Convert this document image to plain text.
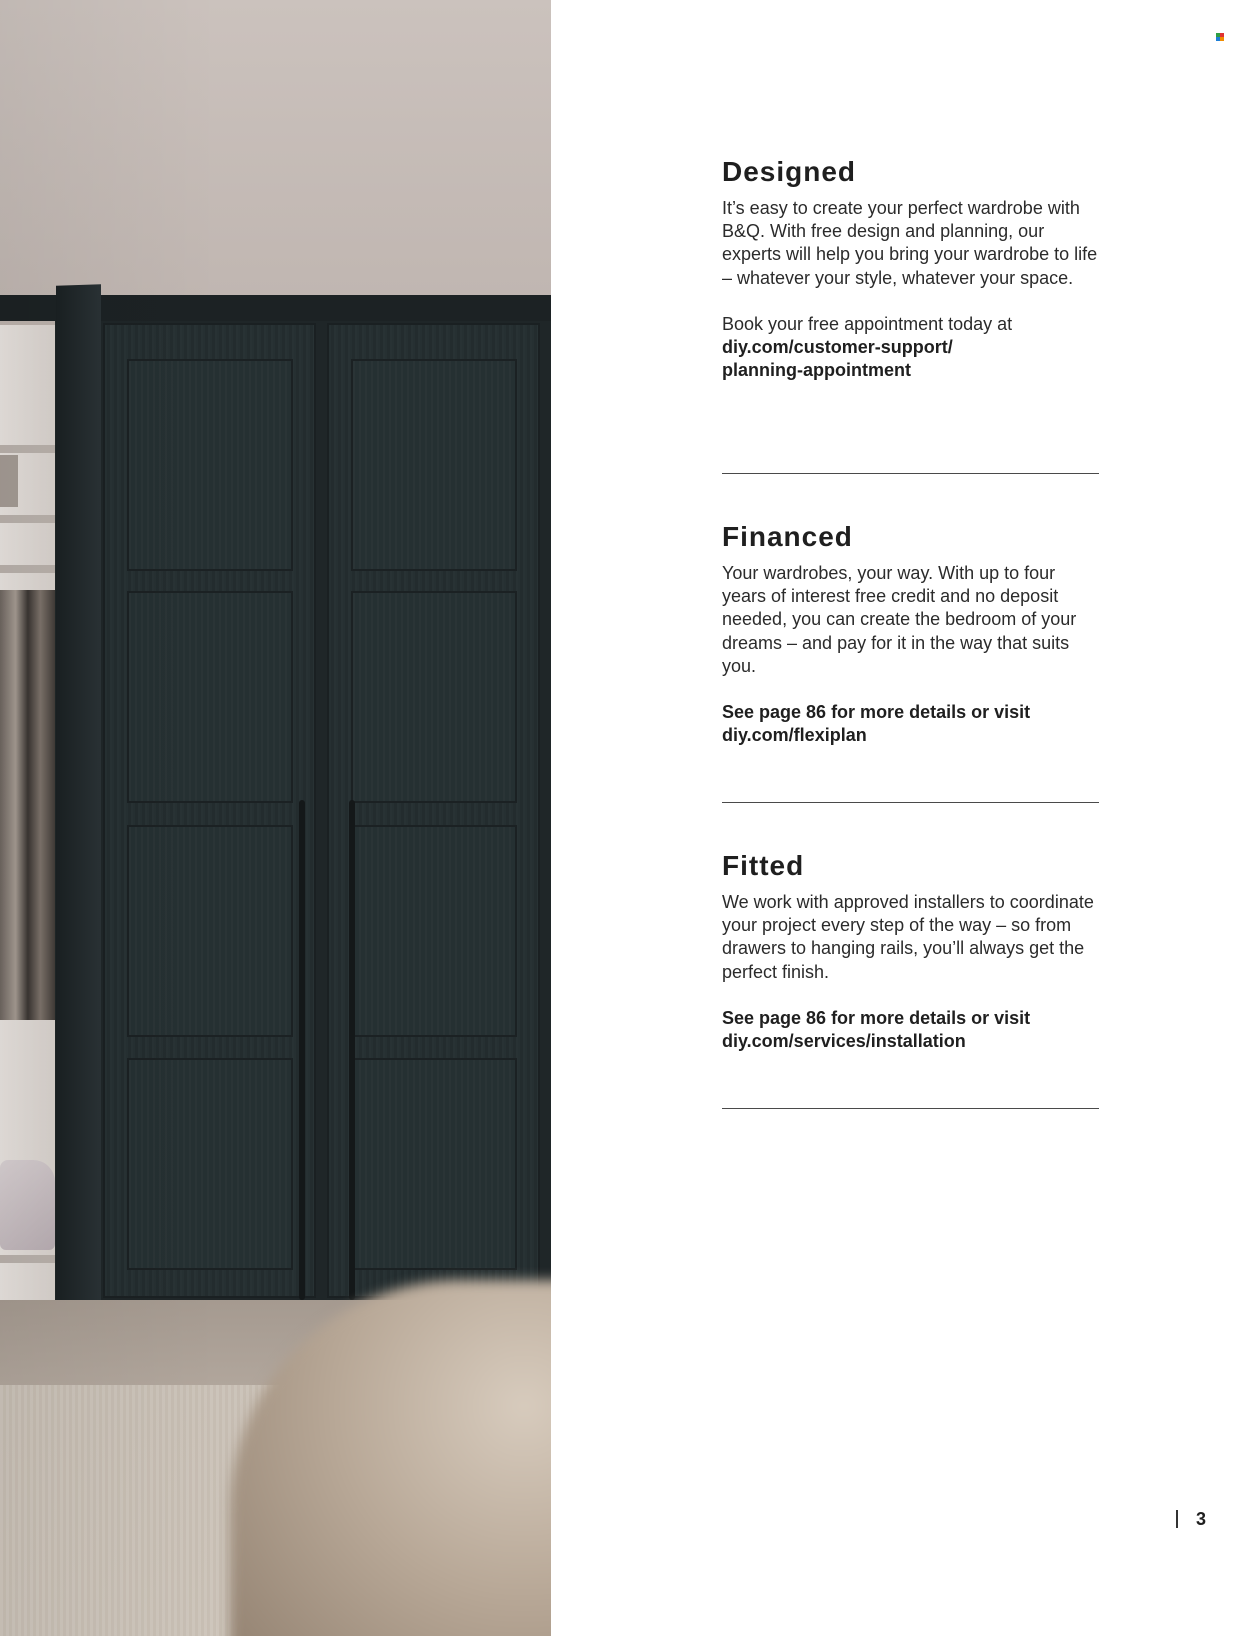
Designed

It’s easy to create your perfect wardrobe with B&Q. With free design and planning, our experts will help you bring your wardrobe to life – whatever your style, whatever your space.

Book your free appointment today at
diy.com/customer-support/
planning-appointment

Financed

Your wardrobes, your way. With up to four years of interest free credit and no deposit needed, you can create the bedroom of your dreams – and pay for it in the way that suits you.

See page 86 for more details or visit
diy.com/flexiplan

Fitted

We work with approved installers to coordinate your project every step of the way – so from drawers to hanging rails, you’ll always get the perfect finish.

See page 86 for more details or visit
diy.com/services/installation

3
